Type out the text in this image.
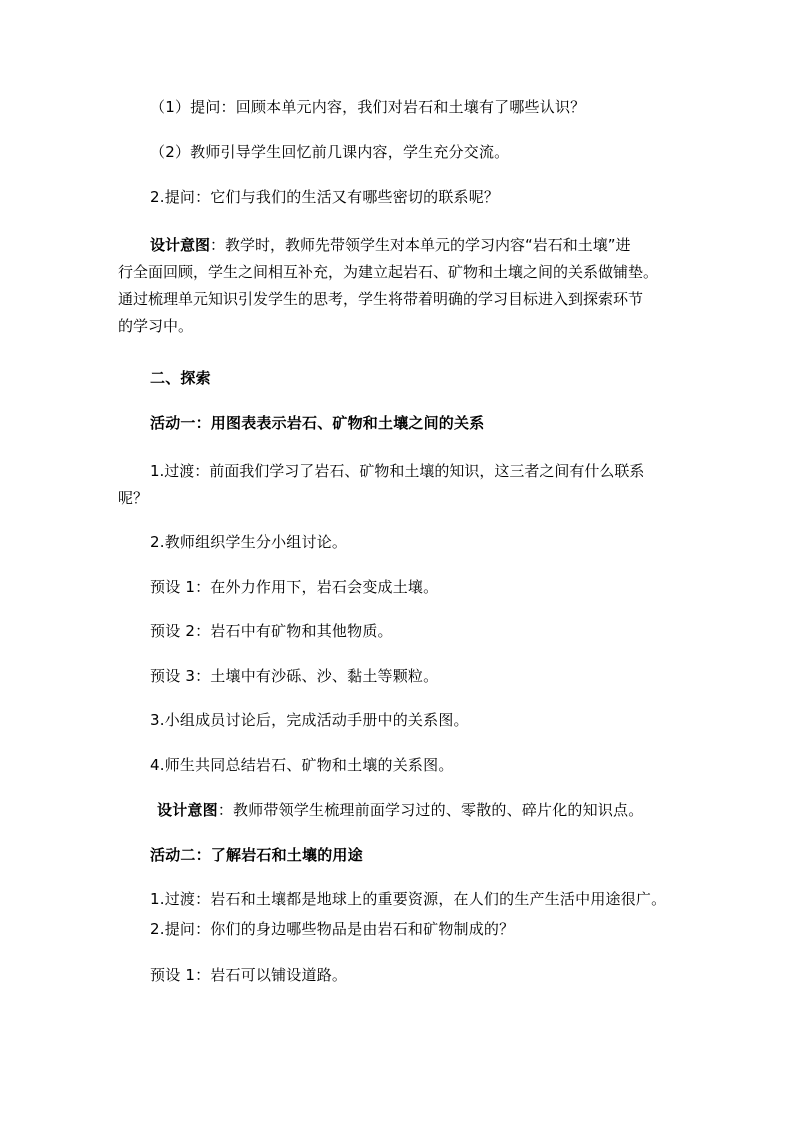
（1）提问：回顾本单元内容，我们对岩石和土壤有了哪些认识？
（2）教师引导学生回忆前几课内容，学生充分交流。
2.提问：它们与我们的生活又有哪些密切的联系呢？
设计意图：教学时，教师先带领学生对本单元的学习内容“岩石和土壤”进
行全面回顾，学生之间相互补充，为建立起岩石、矿物和土壤之间的关系做铺垫。
通过梳理单元知识引发学生的思考，学生将带着明确的学习目标进入到探索环节
的学习中。
二、探索
活动一：用图表表示岩石、矿物和土壤之间的关系
1.过渡：前面我们学习了岩石、矿物和土壤的知识，这三者之间有什么联系
呢？
2.教师组织学生分小组讨论。
预设 1：在外力作用下，岩石会变成土壤。
预设 2：岩石中有矿物和其他物质。
预设 3：土壤中有沙砾、沙、黏土等颗粒。
3.小组成员讨论后，完成活动手册中的关系图。
4.师生共同总结岩石、矿物和土壤的关系图。
设计意图：教师带领学生梳理前面学习过的、零散的、碎片化的知识点。
活动二：了解岩石和土壤的用途
1.过渡：岩石和土壤都是地球上的重要资源，在人们的生产生活中用途很广。
2.提问：你们的身边哪些物品是由岩石和矿物制成的？
预设 1：岩石可以铺设道路。
